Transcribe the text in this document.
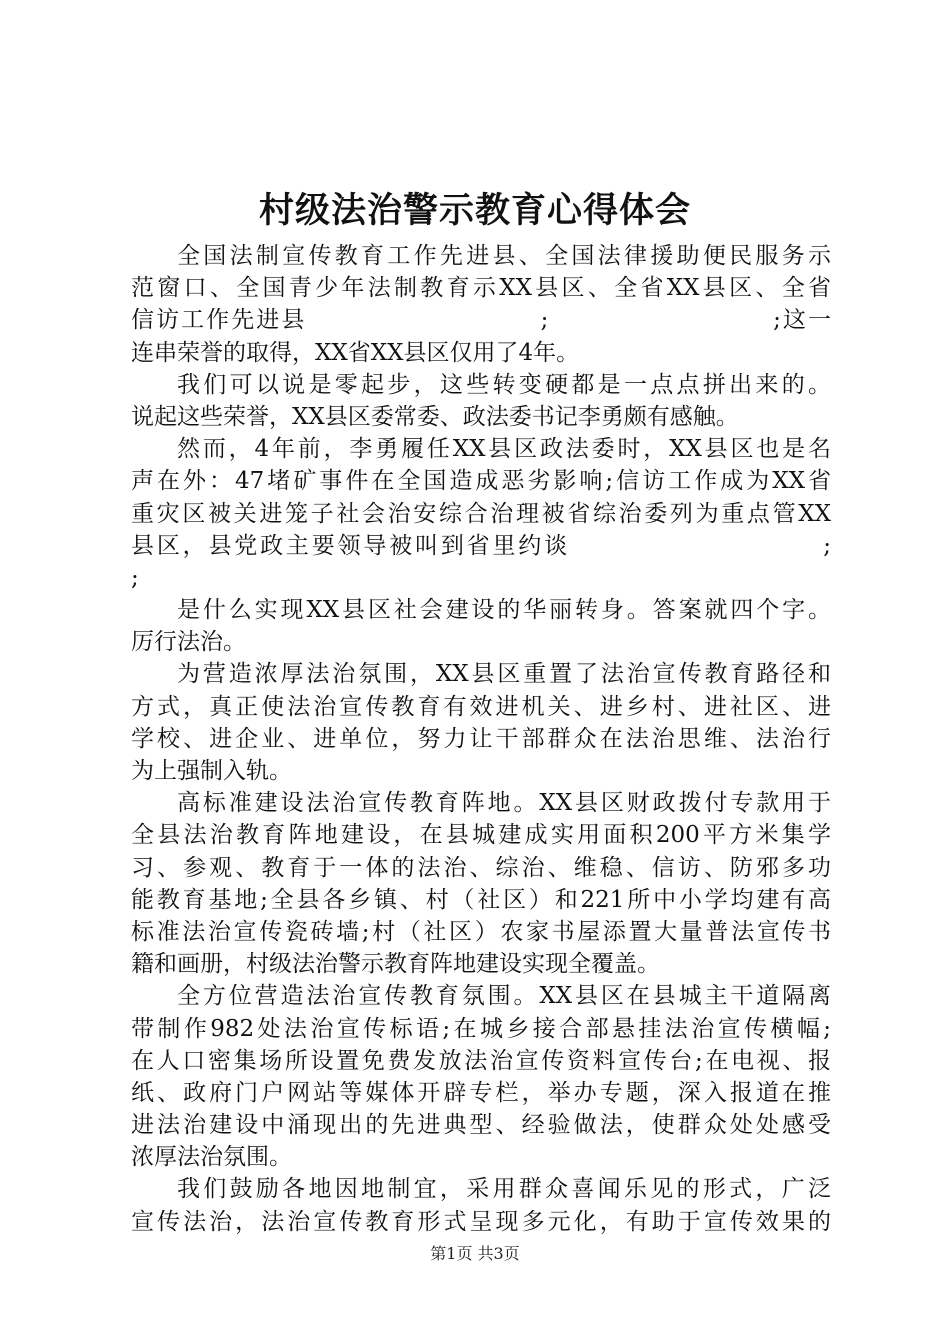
村级法治警示教育心得体会
全国法制宣传教育工作先进县、全国法律援助便民服务示
范窗口、全国青少年法制教育示XX县区、全省XX县区、全省
信访工作先进县                         ;                        ;这一
连串荣誉的取得，XX省XX县区仅用了4年。
我们可以说是零起步，这些转变硬都是一点点拼出来的。
说起这些荣誉，XX县区委常委、政法委书记李勇颇有感触。
然而，4年前，李勇履任XX县区政法委时，XX县区也是名
声在外：47堵矿事件在全国造成恶劣影响;信访工作成为XX省
重灾区被关进笼子社会治安综合治理被省综治委列为重点管XX
县区，县党政主要领导被叫到省里约谈                         ;
;
是什么实现XX县区社会建设的华丽转身。答案就四个字。
厉行法治。
为营造浓厚法治氛围，XX县区重置了法治宣传教育路径和
方式，真正使法治宣传教育有效进机关、进乡村、进社区、进
学校、进企业、进单位，努力让干部群众在法治思维、法治行
为上强制入轨。
高标准建设法治宣传教育阵地。XX县区财政拨付专款用于
全县法治教育阵地建设，在县城建成实用面积200平方米集学
习、参观、教育于一体的法治、综治、维稳、信访、防邪多功
能教育基地;全县各乡镇、村（社区）和221所中小学均建有高
标准法治宣传瓷砖墙;村（社区）农家书屋添置大量普法宣传书
籍和画册，村级法治警示教育阵地建设实现全覆盖。
全方位营造法治宣传教育氛围。XX县区在县城主干道隔离
带制作982处法治宣传标语;在城乡接合部悬挂法治宣传横幅;
在人口密集场所设置免费发放法治宣传资料宣传台;在电视、报
纸、政府门户网站等媒体开辟专栏，举办专题，深入报道在推
进法治建设中涌现出的先进典型、经验做法，使群众处处感受
浓厚法治氛围。
我们鼓励各地因地制宜，采用群众喜闻乐见的形式，广泛
宣传法治，法治宣传教育形式呈现多元化，有助于宣传效果的
第1页 共3页
